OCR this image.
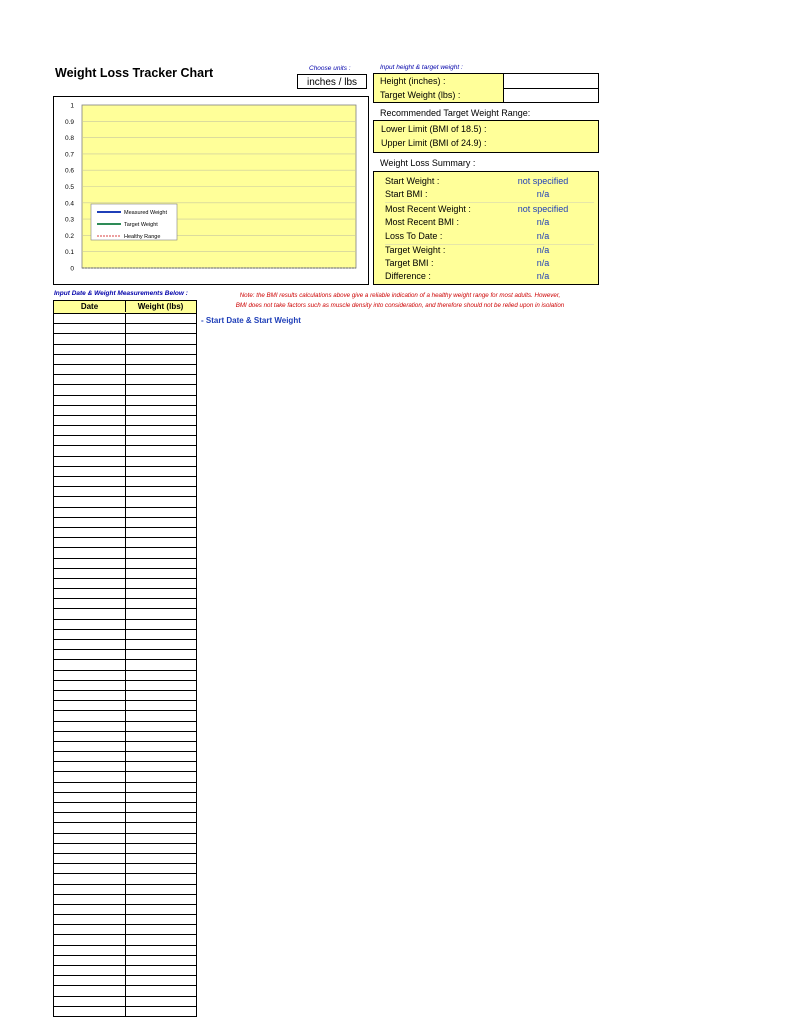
Weight Loss Tracker Chart	Choose units :
inches / lbs
Input height & target weight :
Height (inches) :
Target Weight (lbs) :
Recommended Target Weight Range:
Lower Limit (BMI of 18.5) :
Upper Limit (BMI of 24.9) :
Weight Loss Summary :
Start Weight :	not specified
Start BMI :	n/a
Most Recent Weight :	not specified
Most Recent BMI :	n/a
Loss To Date :	n/a
Target Weight :	n/a
Target BMI :	n/a
Difference :	n/a
0
0.1
0.2
0.3
0.4
0.5
0.6
0.7
0.8
0.9
1
Measured Weight
Target Weight
Healthy Range
Note: the BMI results calculations above give a reliable indication of a healthy weight range for most adults. However,
BMI does not take factors such as muscle density into consideration, and therefore should not be relied upon in isolation
Input Date & Weight Measurements Below :
Date	Weight (lbs)
- Start Date & Start Weight
